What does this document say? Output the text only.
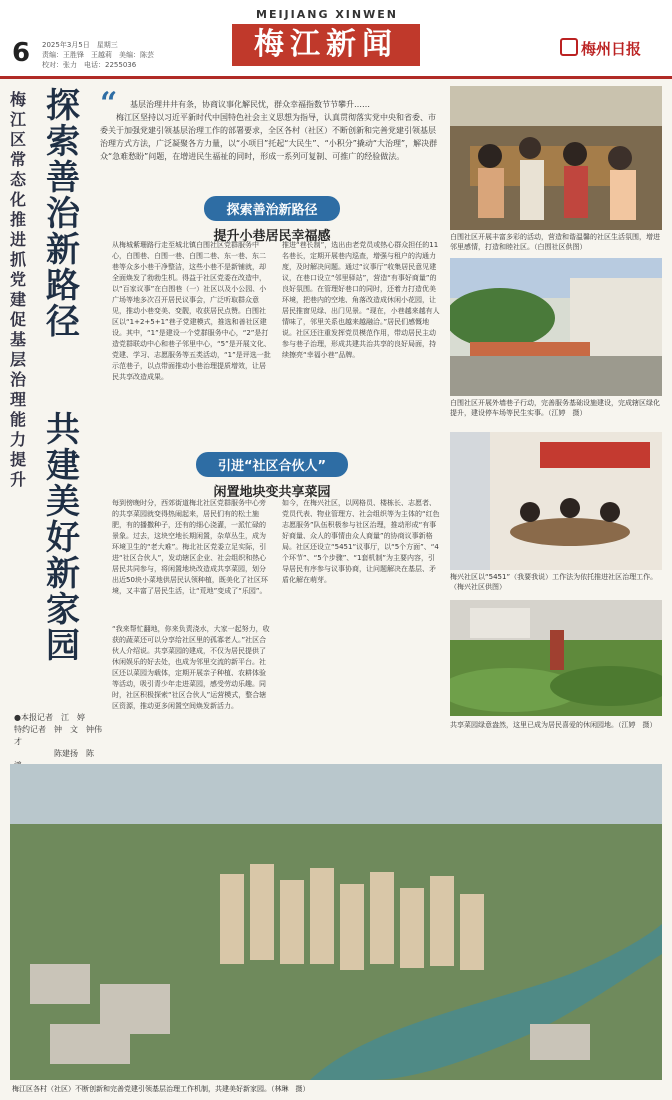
6 2025年3月5日　星期三
责编：王胜锋　王越莉　美编：陈芸
校对：张力　电话：2255036
MEIJIANG XINWEN
梅江新闻	梅州日报
梅江区常态化推进抓党建促基层治理能力提升
探索善治新路径
共建美好新家园
“	基层治理井井有条，协商议事化解民忧，群众幸福指数节节攀升……
梅江区坚持以习近平新时代中国特色社会主义思想为指导，认真贯彻落实党中央和省委、市委关于加强党建引领基层治理工作的部署要求，全区各村（社区）不断创新和完善党建引领基层治理方式方法，广泛凝聚各方力量，以“小项目”托起“大民生”、“小积分”撬动“大治理”，解决群众“急难愁盼”问题，在增进民生福祉的同时，形成一系列可复制、可推广的经验做法。
探索善治新路径
提升小巷居民幸福感
从梅城紫珊路行走至城北镇白围社区党群服务中心，白围巷、白围一巷、白围二巷、东一巷、东二巷等众多小巷干净整洁，这些小巷不是新铺就，却全面焕发了勃勃生机。得益于社区党委在改造中，以“百家议事”在白围巷（一）社区以及小公园、小广场等地多次召开居民议事会，广泛听取群众意见，推动小巷变美、变靓，收获居民点赞。白围社区以“1+2+5+1”巷子党建模式，推选和善社区建设。其中，“1”是建设一个党群服务中心，“2”是打造党群联动中心和巷子邻里中心，“5”是开展文化、党建、学习、志愿服务等五类活动，“1”是评选一批示范巷子，以点带面推动小巷治理提质增效，让居民共享改造成果。
推进“巷长制”，选出由老党员或热心群众担任的11名巷长，定期开展巷内巡查，增强与租户的沟通力度，及时解决问题。通过“议事厅”收集居民意见建议，在巷口设立“邻里驿站”，营造“有事好商量”的良好氛围。在管理好巷口的同时，还着力打造优美环境，把巷内的空地、角落改造成休闲小花园，让居民推窗见绿、出门见景。“现在，小巷越来越有人情味了，邻里关系也越来越融洽。”居民们感慨地说。社区还注重发挥党员模范作用，带动居民主动参与巷子治理，形成共建共治共享的良好局面，持续擦亮“幸福小巷”品牌。
引进“社区合伙人”
闲置地块变共享菜园
每到傍晚时分，西郊街道梅北社区党群服务中心旁的共享菜园就变得热闹起来，居民们有的松土施肥，有的播撒种子，还有的细心浇灌，一派忙碌的景象。过去，这块空地长期闲置，杂草丛生，成为环境卫生的“老大难”。梅北社区党委立足实际，引进“社区合伙人”，发动辖区企业、社会组织和热心居民共同参与，将闲置地块改造成共享菜园，划分出近50块小菜地供居民认领种植，既美化了社区环境，又丰富了居民生活，让“荒地”变成了“乐园”。
“我来帮忙翻地，你来负责浇水，大家一起努力，收获的蔬菜还可以分享给社区里的孤寡老人。”社区合伙人介绍说。共享菜园的建成，不仅为居民提供了休闲娱乐的好去处，也成为邻里交流的新平台。社区还以菜园为载体，定期开展亲子种植、农耕体验等活动，吸引青少年走进菜园，感受劳动乐趣。同时，社区积极探索“社区合伙人”运营模式，整合辖区资源，推动更多闲置空间焕发新活力。
如今，在梅兴社区，以网格员、楼栋长、志愿者、党员代表、物业管理方、社会组织等为主体的“红色志愿服务”队伍积极参与社区治理，推动形成“有事好商量、众人的事情由众人商量”的协商议事新格局。社区还设立“5451”议事厅，以“5个方面”、“4个环节”、“5个步骤”、“1套机制”为主要内容，引导居民有序参与议事协商，让问题解决在基层、矛盾化解在萌芽。
●本报记者　江　婷
特约记者　钟　文　钟伟才
　　　　　陈建扬　陈　
白围社区开展丰富多彩的活动，营造和谐温馨的社区生活氛围，增进邻里感情，打造和睦社区。（白围社区供图）
白围社区开展外墙巷子行动，完善服务基础设施建设，完成辖区绿化提升，建设停车场等民生实事。（江婷　摄）
梅兴社区以“5451”（我要我说）工作法为依托推进社区治理工作。（梅兴社区供图）
共享菜园绿意盎然，这里已成为居民喜爱的休闲园地。（江婷　摄）
梅江区各村（社区）不断创新和完善党建引领基层治理工作机制，共建美好新家园。（林琳　摄）
